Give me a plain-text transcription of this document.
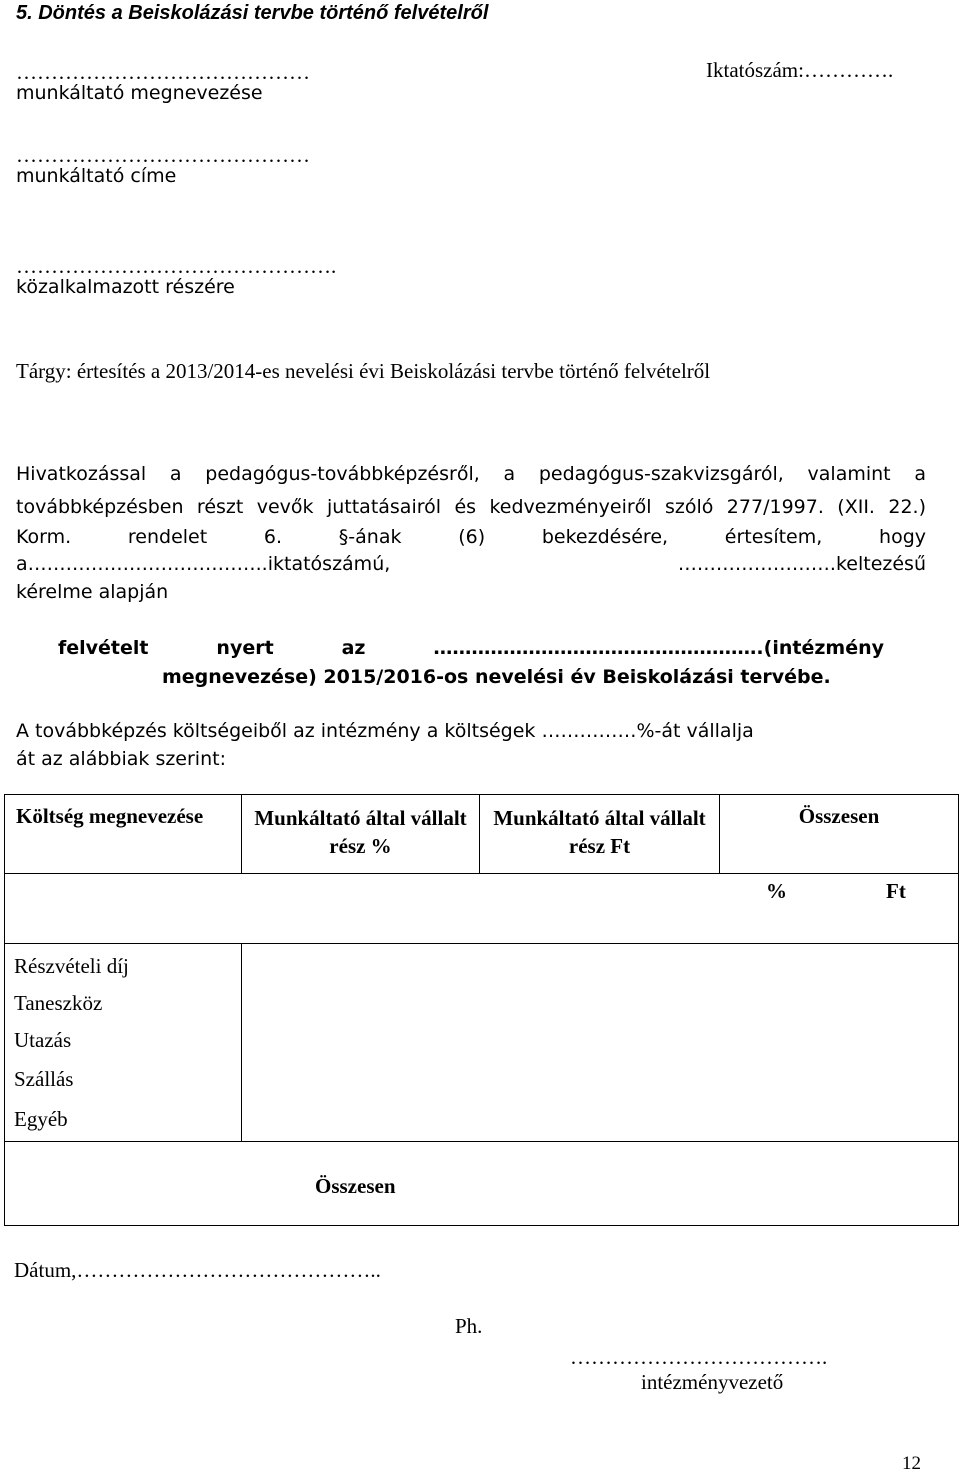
5. Döntés a Beiskolázási tervbe történő felvételről
……………………………………
munkáltató megnevezése
Iktatószám:………….
……………………………………
munkáltató címe
……………………………………….
közalkalmazott részére
Tárgy: értesítés a 2013/2014-es nevelési évi Beiskolázási tervbe történő felvételről
Hivatkozással a pedagógus-továbbképzésről, a pedagógus-szakvizsgáról, valamint a
továbbképzésben részt vevők juttatásairól és kedvezményeiről szóló 277/1997. (XII. 22.)
Korm. rendelet 6. §-ának (6) bekezdésére, értesítem, hogy
a………………………………..iktatószámú, …………………….keltezésű
kérelme alapján
felvételt nyert az …………………………………………….(intézmény
megnevezése) 2015/2016-os nevelési év Beiskolázási tervébe.
A továbbképzés költségeiből az intézmény a költségek ……………%-át vállalja
át az alábbiak szerint:
Költség megnevezése	Munkáltató által vállalt rész %
Munkáltató által vállalt rész Ft
Összesen
%	Ft
Részvételi díj
Taneszköz
Utazás
Szállás
Egyéb
Összesen
Dátum,……………………………………..
Ph.
……………………………….
intézményvezető
12
